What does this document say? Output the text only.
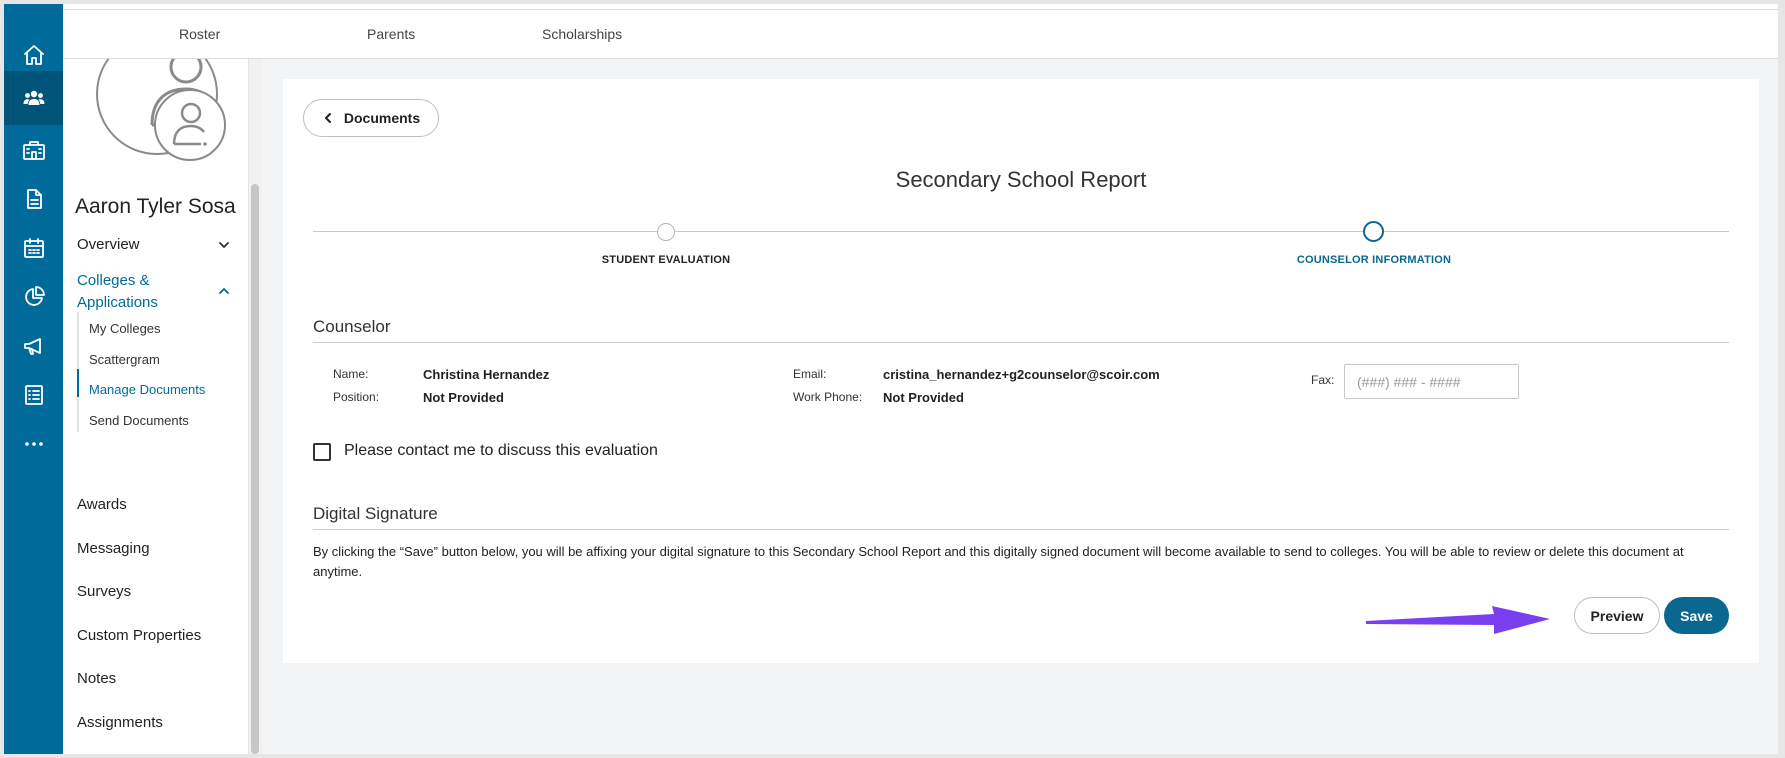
Roster	Parents	Scholarships
Aaron Tyler Sosa
Overview
Colleges &
Applications
My Colleges
Scattergram
Manage Documents
Send Documents
Awards
Messaging
Surveys
Custom Properties
Notes
Assignments
Documents
Secondary School Report
STUDENT EVALUATION	COUNSELOR INFORMATION
Counselor
Name:	Christina Hernandez
Position:	Not Provided
Email:	cristina_hernandez+g2counselor@scoir.com
Work Phone: Not Provided
Fax:
(###) ### - ####
Please contact me to discuss this evaluation
Digital Signature
By clicking the “Save” button below, you will be affixing your digital signature to this Secondary School Report and this digitally signed document will become available to send to colleges. You will be able to review or delete this document at anytime.
Preview	Save
